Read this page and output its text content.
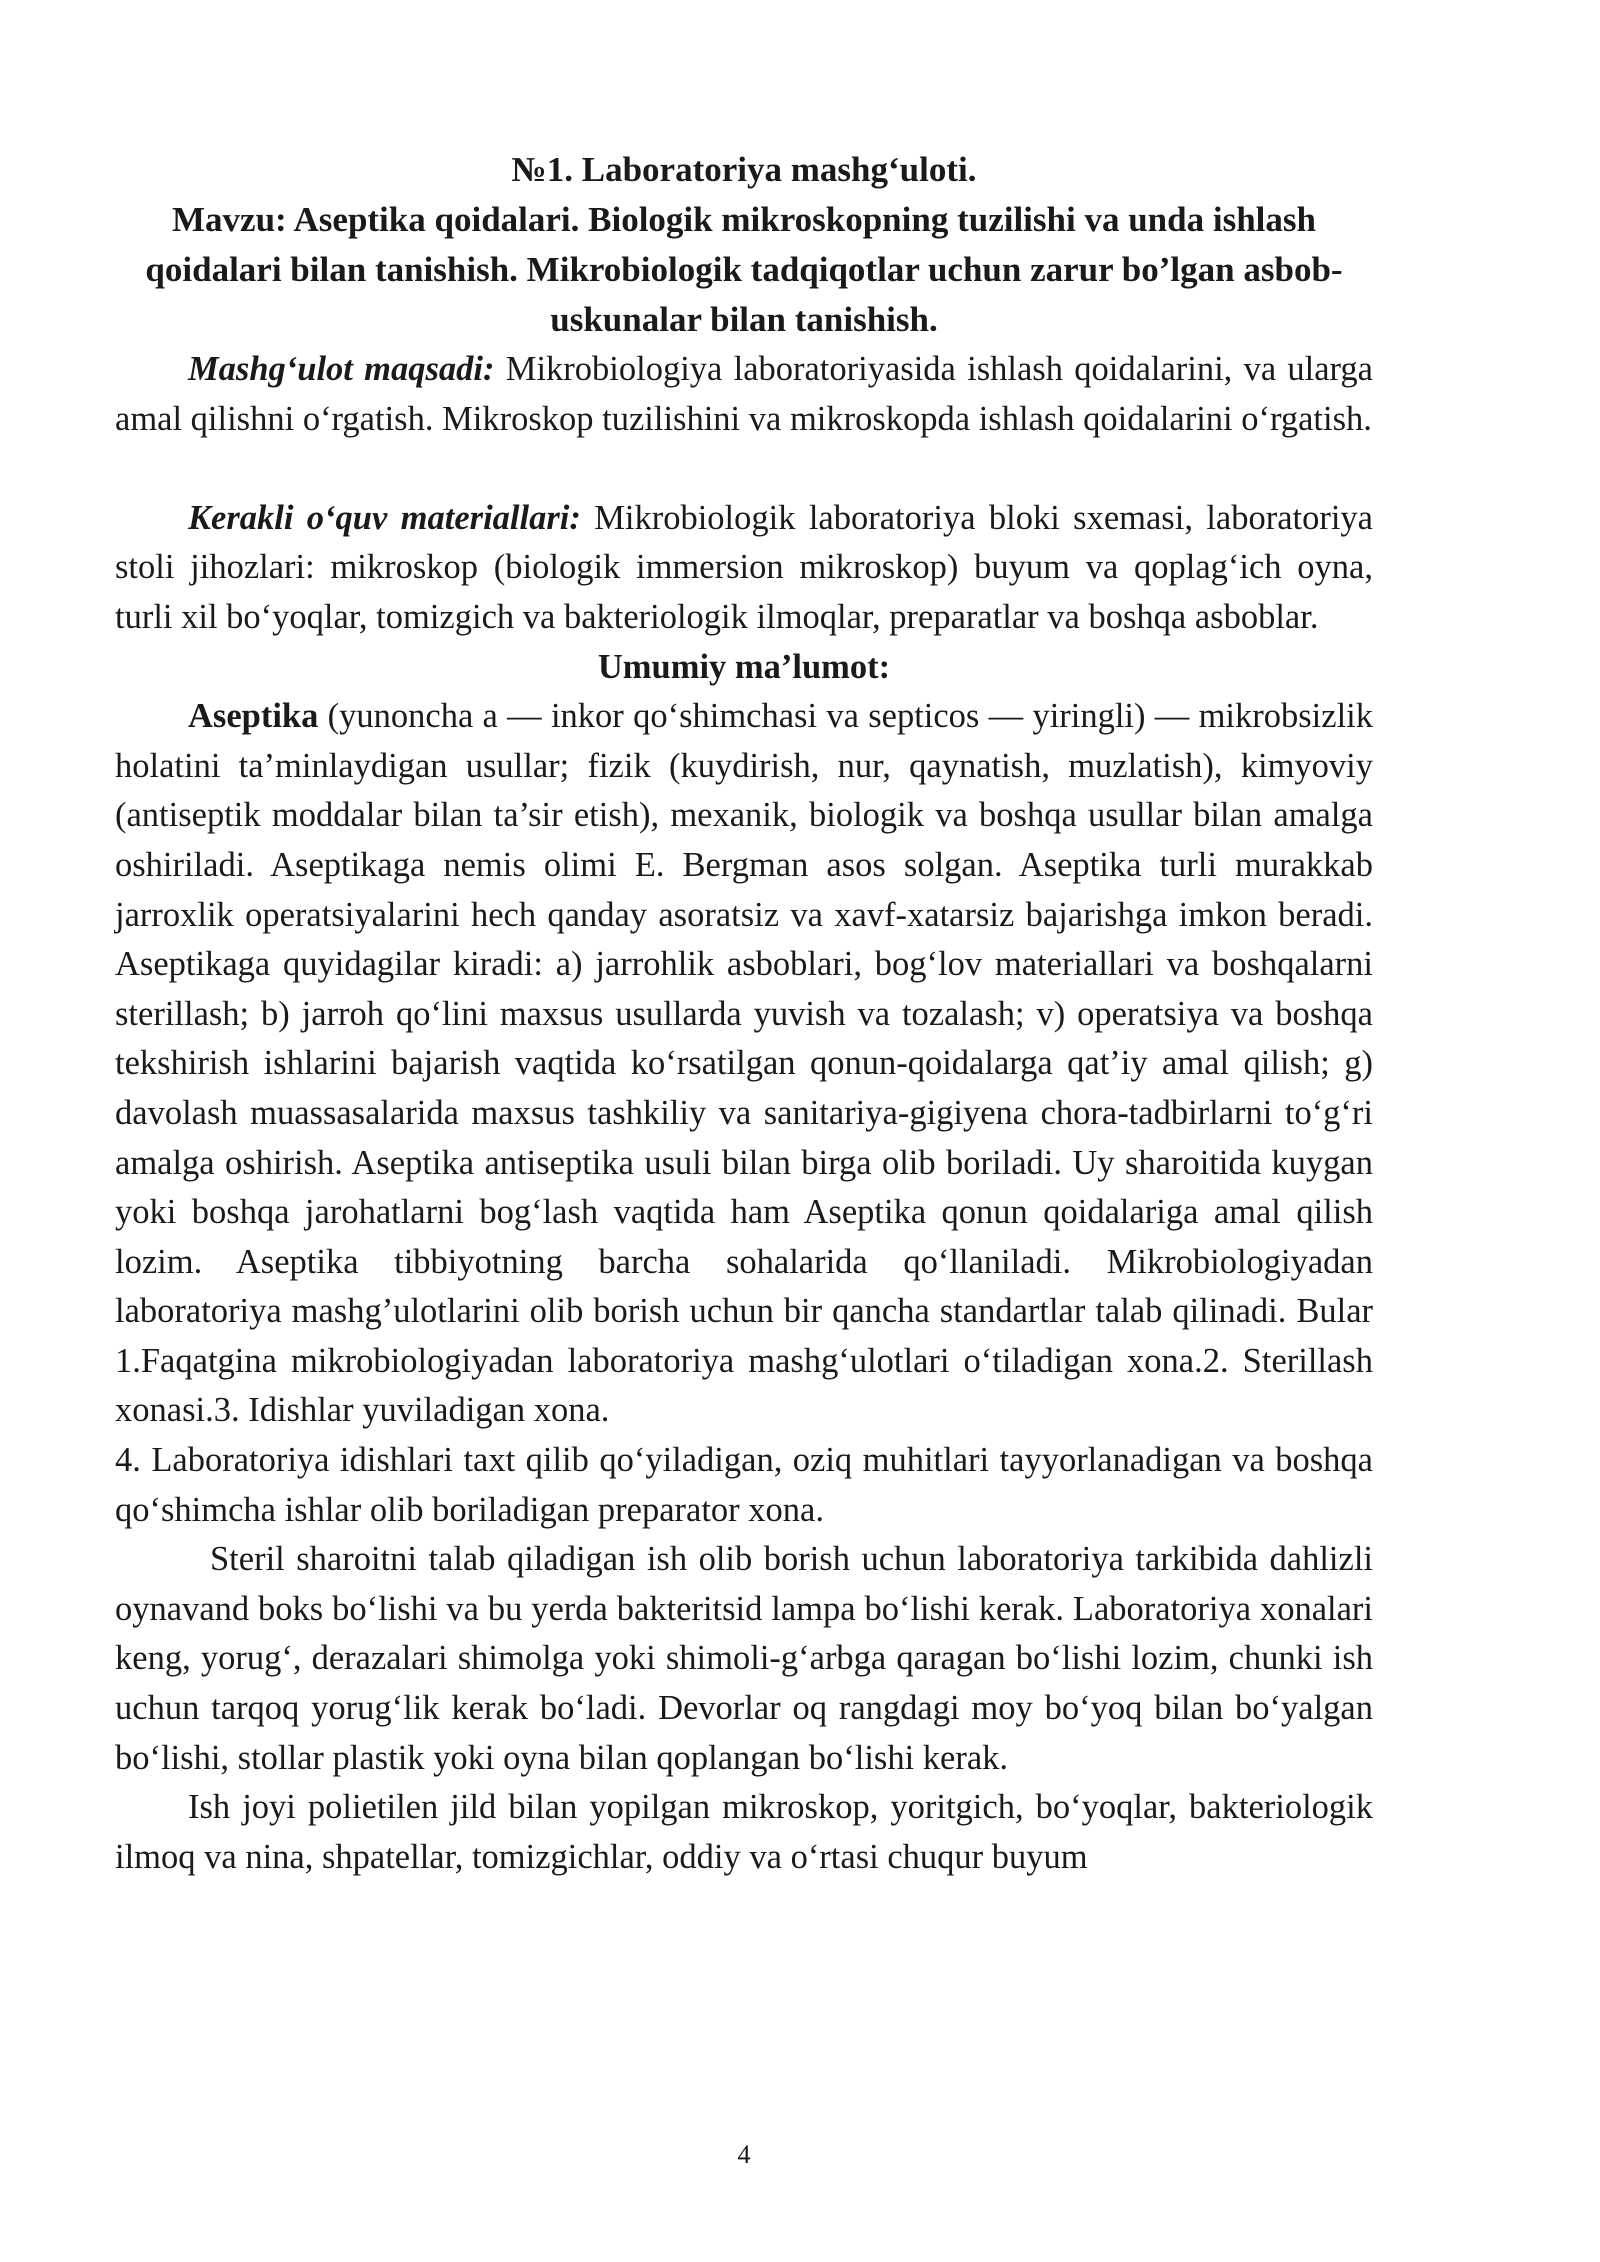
№1. Laboratoriya mashg‘uloti.
Mavzu: Aseptika qoidalari. Biologik mikroskopning tuzilishi va unda ishlash qoidalari bilan tanishish. Mikrobiologik tadqiqotlar uchun zarur bo’lgan asbob-uskunalar bilan tanishish.

Mashg‘ulot maqsadi: Mikrobiologiya laboratoriyasida ishlash qoidalarini, va ularga amal qilishni o‘rgatish. Mikroskop tuzilishini va mikroskopda ishlash qoidalarini o‘rgatish.

Kerakli o‘quv materiallari: Mikrobiologik laboratoriya bloki sxemasi, laboratoriya stoli jihozlari: mikroskop (biologik immersion mikroskop) buyum va qoplag‘ich oyna, turli xil bo‘yoqlar, tomizgich va bakteriologik ilmoqlar, preparatlar va boshqa asboblar.

Umumiy ma’lumot:

Aseptika (yunoncha a — inkor qo‘shimchasi va septicos — yiringli) — mikrobsizlik holatini ta’minlaydigan usullar; fizik (kuydirish, nur, qaynatish, muzlatish), kimyoviy (antiseptik moddalar bilan ta’sir etish), mexanik, biologik va boshqa usullar bilan amalga oshiriladi. Aseptikaga nemis olimi E. Bergman asos solgan. Aseptika turli murakkab jarroxlik operatsiyalarini hech qanday asoratsiz va xavf-xatarsiz bajarishga imkon beradi. Aseptikaga quyidagilar kiradi: a) jarrohlik asboblari, bog‘lov materiallari va boshqalarni sterillash; b) jarroh qo‘lini maxsus usullarda yuvish va tozalash; v) operatsiya va boshqa tekshirish ishlarini bajarish vaqtida ko‘rsatilgan qonun-qoidalarga qat’iy amal qilish; g) davolash muassasalarida maxsus tashkiliy va sanitariya-gigiyena chora-tadbirlarni to‘g‘ri amalga oshirish. Aseptika antiseptika usuli bilan birga olib boriladi. Uy sharoitida kuygan yoki boshqa jarohatlarni bog‘lash vaqtida ham Aseptika qonun qoidalariga amal qilish lozim. Aseptika tibbiyotning barcha sohalarida qo‘llaniladi. Mikrobiologiyadan laboratoriya mashg’ulotlarini olib borish uchun bir qancha standartlar talab qilinadi. Bular 1.Faqatgina mikrobiologiyadan laboratoriya mashg‘ulotlari o‘tiladigan xona.2. Sterillash xonasi.3. Idishlar yuviladigan xona.

4. Laboratoriya idishlari taxt qilib qo‘yiladigan, oziq muhitlari tayyorlanadigan va boshqa qo‘shimcha ishlar olib boriladigan preparator xona.

Steril sharoitni talab qiladigan ish olib borish uchun laboratoriya tarkibida dahlizli oynavand boks bo‘lishi va bu yerda bakteritsid lampa bo‘lishi kerak. Laboratoriya xonalari keng, yorug‘, derazalari shimolga yoki shimoli-g‘arbga qaragan bo‘lishi lozim, chunki ish uchun tarqoq yorug‘lik kerak bo‘ladi. Devorlar oq rangdagi moy bo‘yoq bilan bo‘yalgan bo‘lishi, stollar plastik yoki oyna bilan qoplangan bo‘lishi kerak.

Ish joyi polietilen jild bilan yopilgan mikroskop, yoritgich, bo‘yoqlar, bakteriologik ilmoq va nina, shpatellar, tomizgichlar, oddiy va o‘rtasi chuqur buyum

4
